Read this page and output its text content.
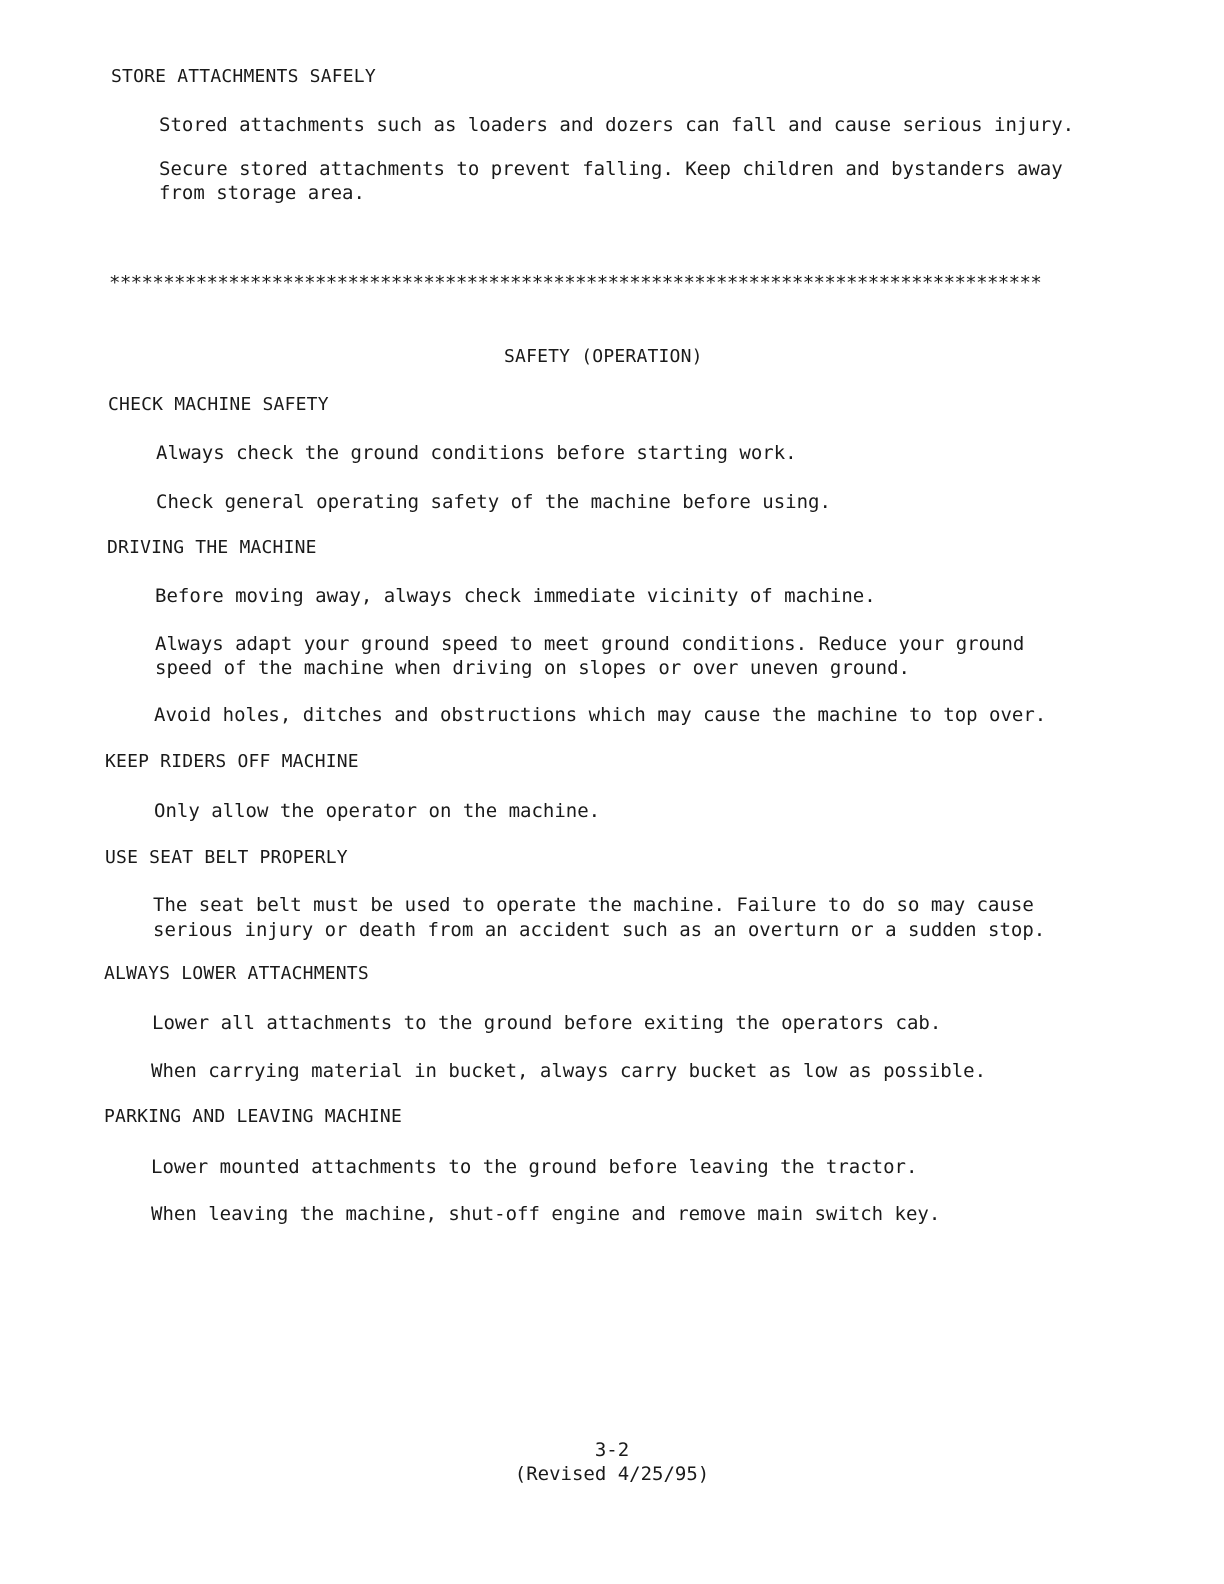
STORE ATTACHMENTS SAFELY
Stored attachments such as loaders and dozers can fall and cause serious injury.
Secure stored attachments to prevent falling. Keep children and bystanders away
from storage area.
**************************************************************************************
SAFETY (OPERATION)
CHECK MACHINE SAFETY
Always check the ground conditions before starting work.
Check general operating safety of the machine before using.
DRIVING THE MACHINE
Before moving away, always check immediate vicinity of machine.
Always adapt your ground speed to meet ground conditions. Reduce your ground
speed of the machine when driving on slopes or over uneven ground.
Avoid holes, ditches and obstructions which may cause the machine to top over.
KEEP RIDERS OFF MACHINE
Only allow the operator on the machine.
USE SEAT BELT PROPERLY
The seat belt must be used to operate the machine. Failure to do so may cause
serious injury or death from an accident such as an overturn or a sudden stop.
ALWAYS LOWER ATTACHMENTS
Lower all attachments to the ground before exiting the operators cab.
When carrying material in bucket, always carry bucket as low as possible.
PARKING AND LEAVING MACHINE
Lower mounted attachments to the ground before leaving the tractor.
When leaving the machine, shut-off engine and remove main switch key.
3-2
(Revised 4/25/95)
